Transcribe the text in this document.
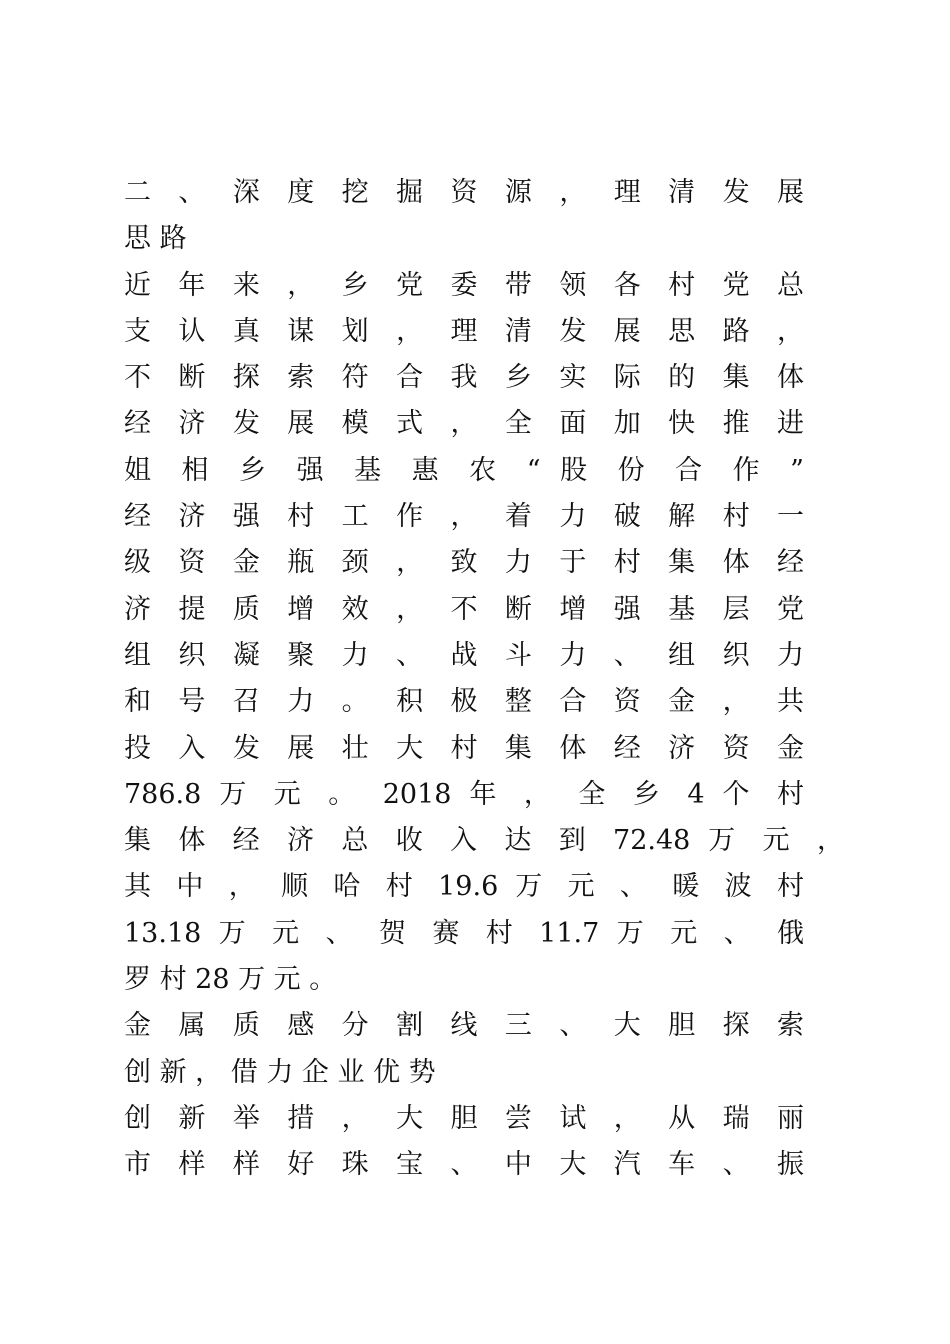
二 、 深 度 挖 掘 资 源 ， 理 清 发 展
思 路
近 年 来 ， 乡 党 委 带 领 各 村 党 总
支 认 真 谋 划 ， 理 清 发 展 思 路 ，
不 断 探 索 符 合 我 乡 实 际 的 集 体
经 济 发 展 模 式 ， 全 面 加 快 推 进
姐 相 乡 强 基 惠 农 “ 股 份 合 作 ”
经 济 强 村 工 作 ， 着 力 破 解 村 一
级 资 金 瓶 颈 ， 致 力 于 村 集 体 经
济 提 质 增 效 ， 不 断 增 强 基 层 党
组 织 凝 聚 力 、 战 斗 力 、 组 织 力
和 号 召 力 。 积 极 整 合 资 金 ， 共
投 入 发 展 壮 大 村 集 体 经 济 资 金
786.8 万 元 。 2018 年 ， 全 乡 4 个 村
集 体 经 济 总 收 入 达 到 72.48 万 元 ，
其 中 ， 顺 哈 村 19.6 万 元 、 暖 波 村
13.18 万 元 、 贺 赛 村 11.7 万 元 、 俄
罗 村 28 万 元 。
金 属 质 感 分 割 线 三 、 大 胆 探 索
创 新 ， 借 力 企 业 优 势
创 新 举 措 ， 大 胆 尝 试 ， 从 瑞 丽
市 样 样 好 珠 宝 、 中 大 汽 车 、 振
